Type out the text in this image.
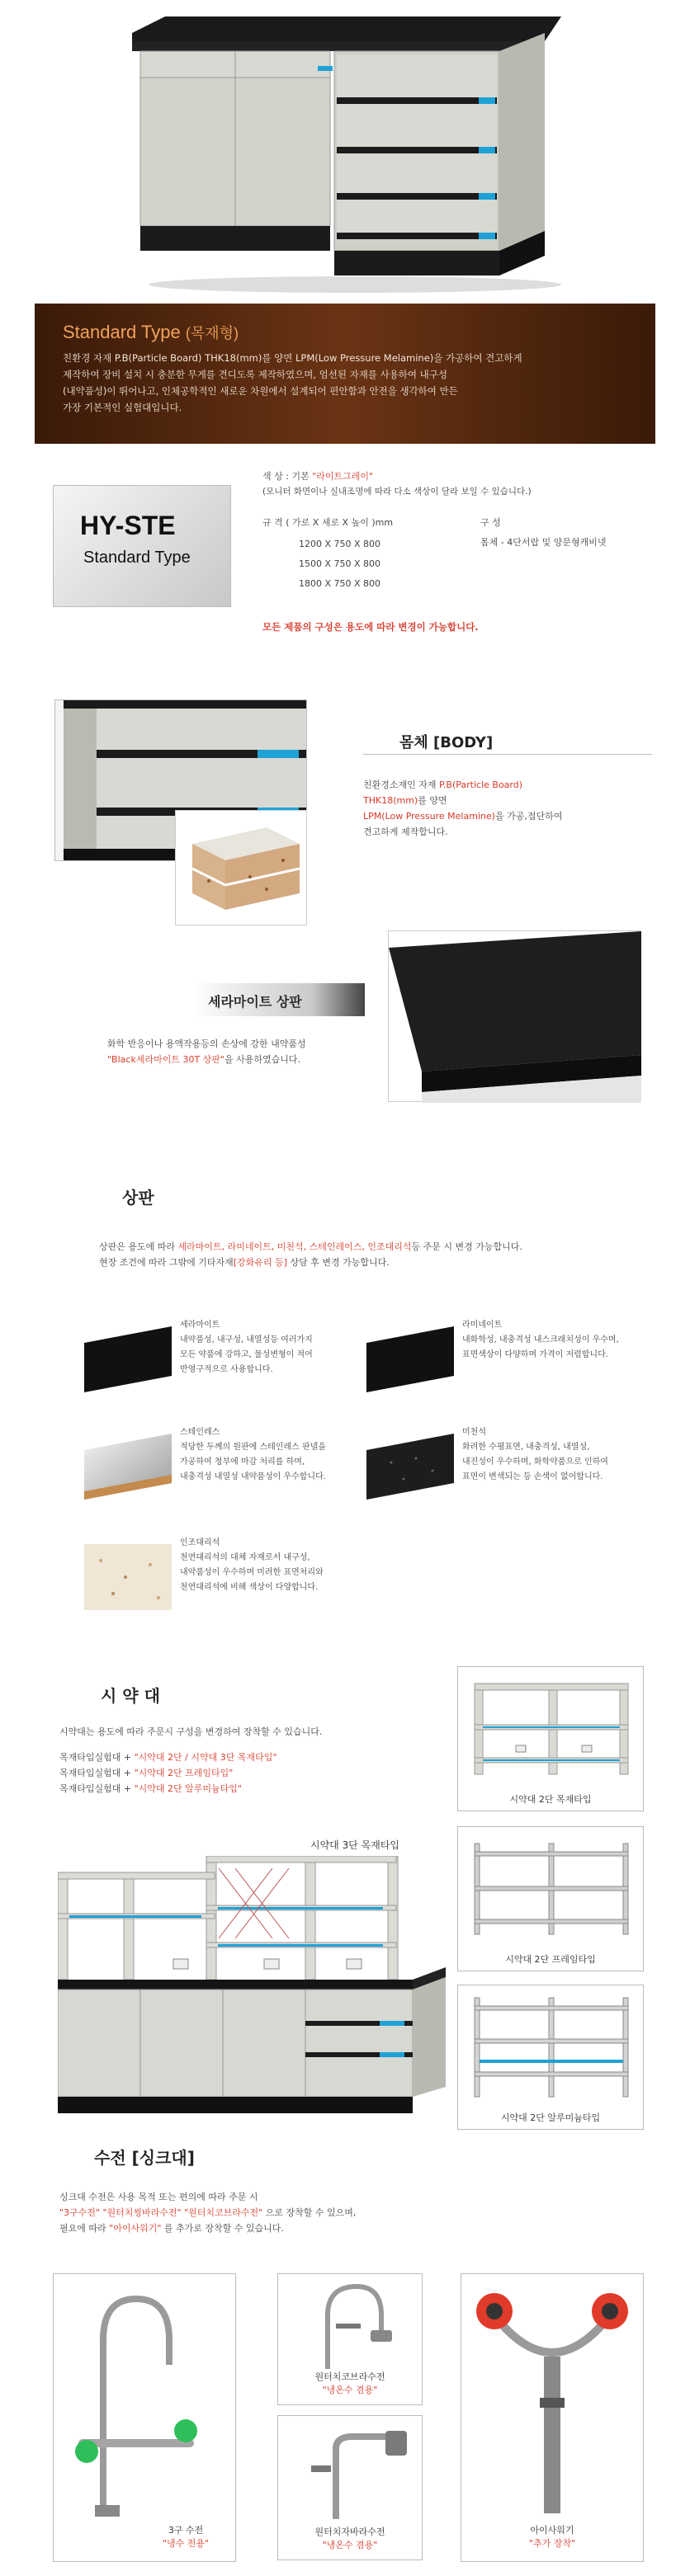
Standard Type (목재형)
친환경 자재 P.B(Particle Board) THK18(mm)를 양면 LPM(Low Pressure Melamine)을 가공하여 견고하게
제작하여 장비 설치 시 충분한 무게를 견디도록 제작하였으며, 엄선된 자재를 사용하여 내구성
(내약품성)이 뛰어나고, 인체공학적인 새로운 차원에서 설계되어 편안함과 안전을 생각하여 만든
가장 기본적인 실험대입니다.
HY-STE
Standard Type
색 상 : 기본 "라이트그레이"
(모니터 화면이나 실내조명에 따라 다소 색상이 달라 보일 수 있습니다.)
규 격 ( 가로 X 세로 X 높이 )mm
1200 X 750 X 800
1500 X 750 X 800
1800 X 750 X 800
구 성
몸체 - 4단서랍 및 양문형캐비넷
모든 제품의 구성은 용도에 따라 변경이 가능합니다.
몸체 [BODY]
친환경소재인 자재 P.B(Particle Board)
THK18(mm)를 양면
LPM(Low Pressure Melamine)을 가공,접단하여
견고하게 제작합니다.
세라마이트 상판
화학 반응이나 용액작용등의 손상에 강한 내약품성
"Black세라마이트 30T 상판"을 사용하였습니다.
상판
상판은 용도에 따라 세라마이트, 라미네이트, 미천석, 스테인레이스, 인조대리석등 주문 시 변경 가능합니다.
현장 조건에 따라 그밖에 기타자재[강화유리 등] 상담 후 변경 가능합니다.
세라마이트
내약품성, 내구성, 내열성등 여러가지
모든 약품에 강하고, 물성변형이 적어
반영구적으로 사용합니다.
라미네이트
내화학성, 내충격성 내스크래치성이 우수며,
표면색상이 다양하며 가격이 저렴합니다.
스테인레스
적당한 두께의 원판에 스테인레스 판넬을
가공하여 청부에 마감 처리를 하며,
내충격성 내열성 내약품성이 우수합니다.
미천석
화려한 수평표면, 내충격성, 내열성,
내진성이 우수하며, 화학약품으로 인하여
표면이 변색되는 등 손색이 없어합니다.
인조대리석
천연대리석의 대체 자재로서 내구성,
내약품성이 우수하며 미려한 표면처리와
천연대리석에 비해 색상이 다양합니다.
시 약 대
시약대는 용도에 따라 주문시 구성을 변경하여 장착할 수 있습니다.
목재타입실험대 + "시약대 2단 / 시약대 3단 목재타입"
목재타입실험대 + "시약대 2단 프레임타입"
목재타입실험대 + "시약대 2단 알루미늄타입"
시약대 3단 목재타입
시약대 2단 목재타입
시약대 2단 프레임타입
시약대 2단 알루미늄타입
수전 [싱크대]
싱크대 수전은 사용 목적 또는 편의에 따라 주문 시
"3구수전" "원터치씽바라수전" "원터치코브라수전" 으로 장착할 수 있으며,
필요에 따라 "아이사워기" 를 추가로 장착할 수 있습니다.
3구 수전
"냉수 전용"
원터치코브라수전
"냉온수 겸용"
원터치자바라수전
"냉온수 겸용"
아이사워기
"추가 장착"
